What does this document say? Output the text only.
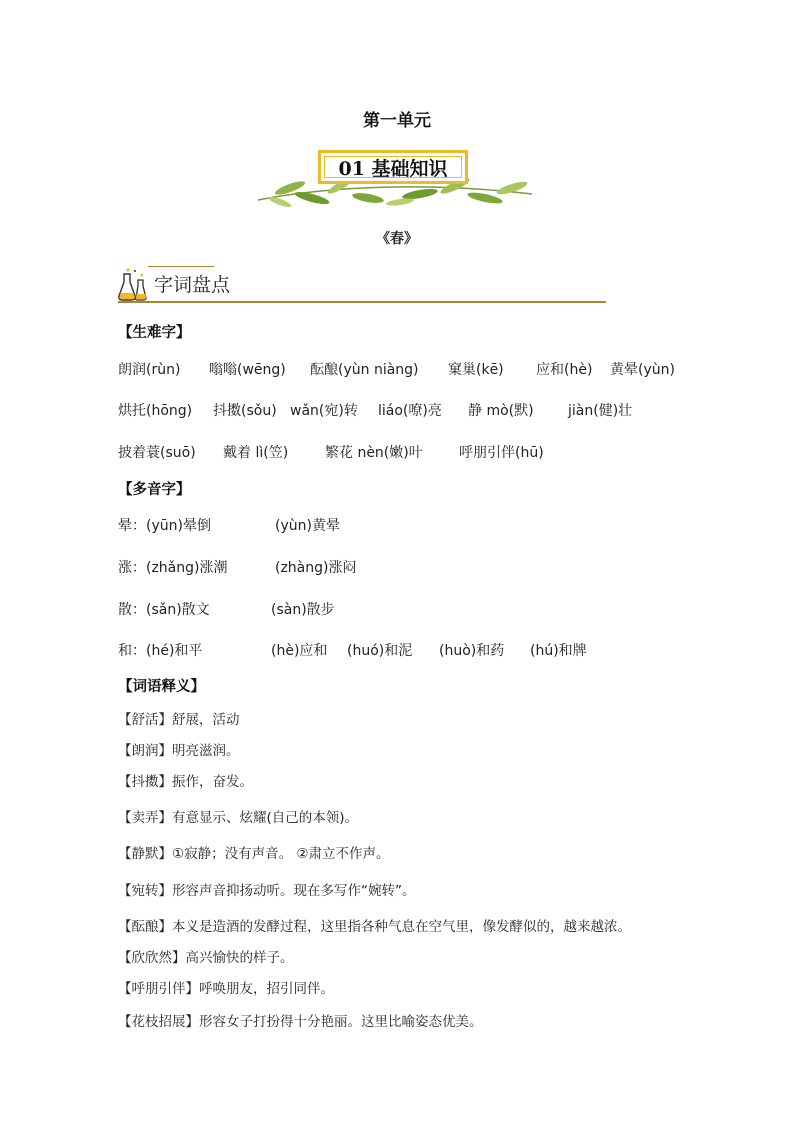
第一单元
01 基础知识
《春》
字词盘点
【生难字】
朗润(rùn) 嗡嗡(wēng) 酝酿(yùn niàng) 窠巢(kē) 应和(hè) 黄晕(yùn)
烘托(hōng) 抖擞(sǒu) wǎn(宛)转 liáo(嘹)亮 静 mò(默) jiàn(健)壮
披着蓑(suō) 戴着 lì(笠)	繁花 nèn(嫩)叶	呼朋引伴(hū)
【多音字】
晕：(yūn)晕倒	(yùn)黄晕
涨：(zhǎng)涨潮	(zhàng)涨闷
散：(sǎn)散文	(sàn)散步
和：(hé)和平	(hè)应和 (huó)和泥 (huò)和药 (hú)和牌
【词语释义】
【舒活】舒展，活动
【朗润】明亮滋润。
【抖擞】振作，奋发。
【卖弄】有意显示、炫耀(自己的本领)。
【静默】①寂静；没有声音。 ②肃立不作声。
【宛转】形容声音抑扬动听。现在多写作“婉转”。
【酝酿】本义是造酒的发酵过程，这里指各种气息在空气里，像发酵似的，越来越浓。
【欣欣然】高兴愉快的样子。
【呼朋引伴】呼唤朋友，招引同伴。
【花枝招展】形容女子打扮得十分艳丽。这里比喻姿态优美。
